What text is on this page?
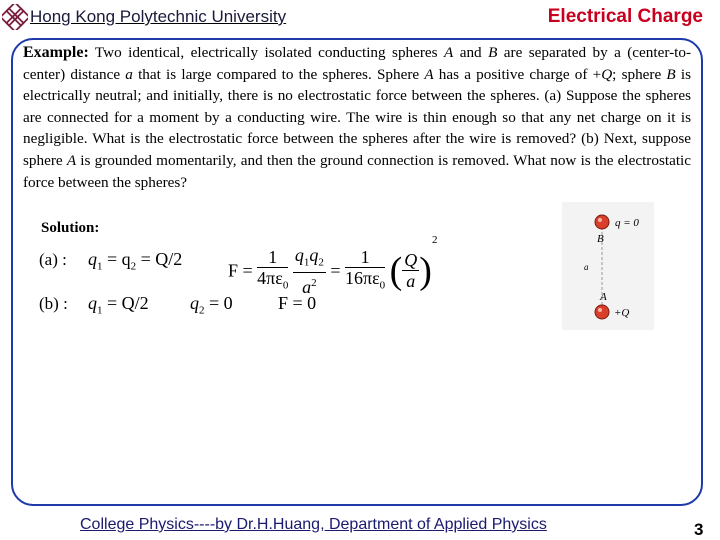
Hong Kong Polytechnic University	Electrical Charge
Example: Two identical, electrically isolated conducting spheres A and B are separated by a (center-to-center) distance a that is large compared to the spheres. Sphere A has a positive charge of +Q; sphere B is electrically neutral; and initially, there is no electrostatic force between the spheres. (a) Suppose the spheres are connected for a moment by a conducting wire. The wire is thin enough so that any net charge on it is negligible. What is the electrostatic force between the spheres after the wire is removed? (b) Next, suppose sphere A is grounded momentarily, and then the ground connection is removed. What now is the electrostatic force between the spheres?
Solution:
(a) : $q_1 = q_2 = Q/2$
$F = \frac{1}{4\pi\varepsilon_0}$
$\frac{q_1q_2}{a^2} = \frac{1}{16\pi\varepsilon_0}$ ( $\frac{Q}{a} )^2$
(b) : $q_1 = Q/2$ $q_2 = 0$	F = 0
q = 0
B
a
A
+Q
College Physics----by Dr.H.Huang, Department of Applied Physics	3
